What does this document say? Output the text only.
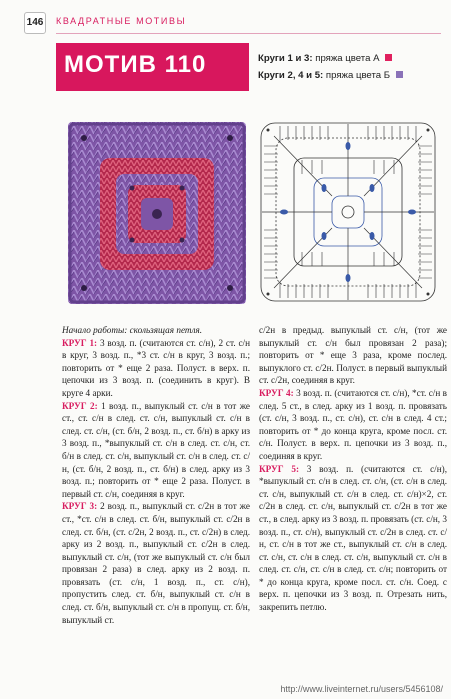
146 КВАДРАТНЫЕ МОТИВЫ
МОТИВ 110	Круги 1 и 3: пряжа цвета А
Круги 2, 4 и 5: пряжа цвета Б

Начало работы: скользящая петля.

КРУГ 1: 3 возд. п. (считаются ст. с/н), 2 ст. с/н в круг, 3 возд. п., *3 ст. с/н в круг, 3 возд. п.; повторить от * еще 2 раза. Полуст. в верх. п. цепочки из 3 возд. п. (соединить в круг). В круге 4 арки.

КРУГ 2: 1 возд. п., выпуклый ст. с/н в тот же ст., ст. с/н в след. ст. с/н, выпуклый ст. с/н в след. ст. с/н, (ст. б/н, 2 возд. п., ст. б/н) в арку из 3 возд. п., *выпуклый ст. с/н в след. ст. с/н, ст. б/н в след. ст. с/н, выпуклый ст. с/н в след. ст. с/н, (ст. б/н, 2 возд. п., ст. б/н) в след. арку из 3 возд. п.; повторить от * еще 2 раза. Полуст. в первый ст. с/н, соединяя в круг.

КРУГ 3: 2 возд. п., выпуклый ст. с/2н в тот же ст., *ст. с/н в след. ст. б/н, выпуклый ст. с/2н в след. ст. б/н, (ст. с/2н, 2 возд. п., ст. с/2н) в след. арку из 2 возд. п., выпуклый ст. с/2н в след. выпуклый ст. с/н, (тот же выпуклый ст. с/н был провязан 2 раза) в след. арку из 2 возд. п. провязать (ст. с/н, 1 возд. п., ст. с/н), пропустить след. ст. б/н, выпуклый ст. с/н в след. ст. б/н, выпуклый ст. с/н в пропущ. ст. б/н, выпуклый ст.

с/2н в предыд. выпуклый ст. с/н, (тот же выпуклый ст. с/н был провязан 2 раза); повторить от * еще 3 раза, кроме послед. выпуклого ст. с/2н. Полуст. в первый выпуклый ст. с/2н, соединяя в круг.

КРУГ 4: 3 возд. п. (считаются ст. с/н), *ст. с/н в след. 5 ст., в след. арку из 1 возд. п. провязать (ст. с/н, 3 возд. п., ст. с/н), ст. с/н в след. 4 ст.; повторить от * до конца круга, кроме посл. ст. с/н. Полуст. в верх. п. цепочки из 3 возд. п., соединяя в круг.

КРУГ 5: 3 возд. п. (считаются ст. с/н), *выпуклый ст. с/н в след. ст. с/н, (ст. с/н в след. ст. с/н, выпуклый ст. с/н в след. ст. с/н)×2, ст. с/2н в след. ст. с/н, выпуклый ст. с/2н в тот же ст., в след. арку из 3 возд. п. провязать (ст. с/н, 3 возд. п., ст. с/н), выпуклый ст. с/2н в след. ст. с/н, ст. с/н в тот же ст., выпуклый ст. с/н в след. ст. с/н, ст. с/н в след. ст. с/н, выпуклый ст. с/н в след. ст. с/н, ст. с/н в след. ст. с/н; повторить от * до конца круга, кроме посл. ст. с/н. Соед. с верх. п. цепочки из 3 возд. п. Отрезать нить, закрепить петлю.

http://www.liveinternet.ru/users/5456108/
